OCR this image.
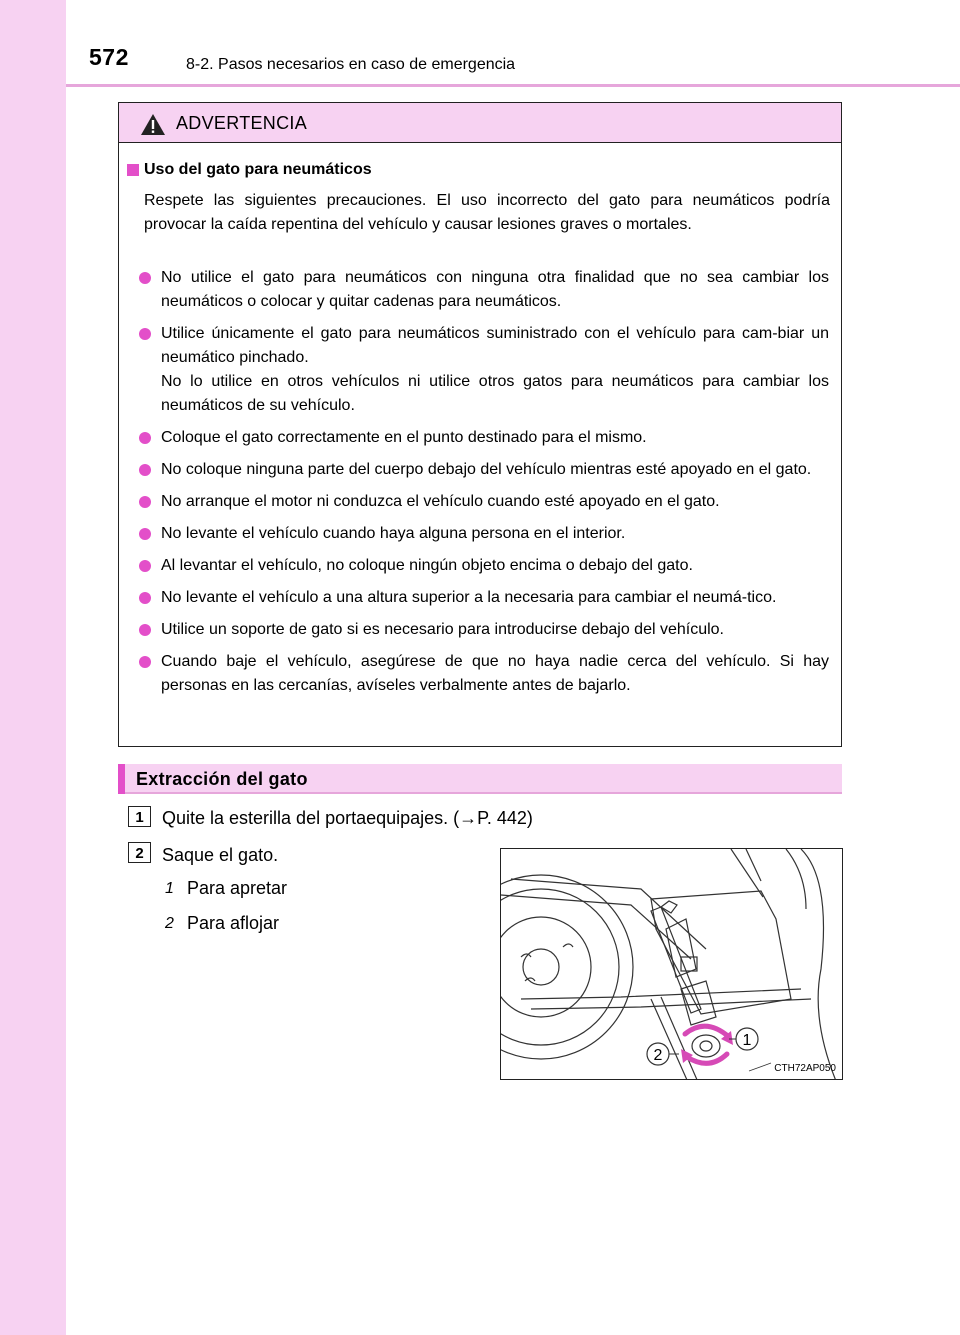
572	8-2. Pasos necesarios en caso de emergencia
ADVERTENCIA
Uso del gato para neumáticos
Respete las siguientes precauciones. El uso incorrecto del gato para neumáticos podría provocar la caída repentina del vehículo y causar lesiones graves o mortales.
No utilice el gato para neumáticos con ninguna otra finalidad que no sea cambiar los neumáticos o colocar y quitar cadenas para neumáticos.
Utilice únicamente el gato para neumáticos suministrado con el vehículo para cam-biar un neumático pinchado.
No lo utilice en otros vehículos ni utilice otros gatos para neumáticos para cambiar los neumáticos de su vehículo.
Coloque el gato correctamente en el punto destinado para el mismo.
No coloque ninguna parte del cuerpo debajo del vehículo mientras esté apoyado en el gato.
No arranque el motor ni conduzca el vehículo cuando esté apoyado en el gato.
No levante el vehículo cuando haya alguna persona en el interior.
Al levantar el vehículo, no coloque ningún objeto encima o debajo del gato.
No levante el vehículo a una altura superior a la necesaria para cambiar el neumá-tico.
Utilice un soporte de gato si es necesario para introducirse debajo del vehículo.
Cuando baje el vehículo, asegúrese de que no haya nadie cerca del vehículo. Si hay personas en las cercanías, avíseles verbalmente antes de bajarlo.
Extracción del gato
1	Quite la esterilla del portaequipajes. (→P. 442)
2	Saque el gato.
1 Para apretar
2 Para aflojar
1
2
CTH72AP050
